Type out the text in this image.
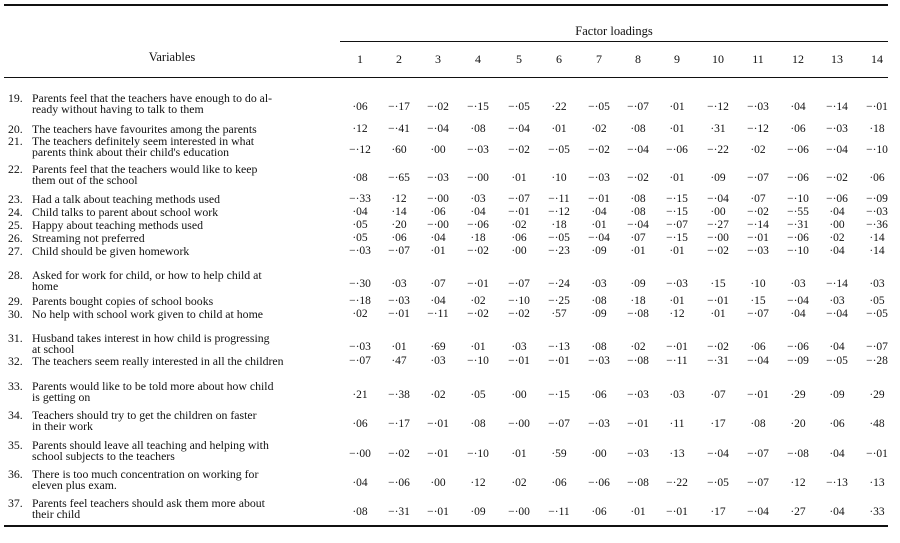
Factor loadings
Variables	1	2	3	4	5	6	7	8	9	10	11	12	13	14
19. Parents feel that the teachers have enough to do al-
ready without having to talk to them	·06	−·17	−·02	−·15	−·05	·22	−·05	−·07	·01	−·12	−·03	·04	−·14	−·01
20. The teachers have favourites among the parents	·12	−·41	−·04	·08	−·04	·01	·02	·08	·01	·31	−·12	·06	−·03	·18
21. The teachers definitely seem interested in what
parents think about their child's education	−·12	·60	·00	−·03	−·02	−·05	−·02	−·04	−·06	−·22	·02	−·06	−·04	−·10
22. Parents feel that the teachers would like to keep
them out of the school	·08	−·65	−·03	−·00	·01	·10	−·03	−·02	·01	·09	−·07	−·06	−·02	·06
23. Had a talk about teaching methods used	−·33	·12	−·00	·03	−·07	−·11	−·01	·08	−·15	−·04	·07	−·10	−·06	−·09
24. Child talks to parent about school work	·04	·14	·06	·04	−·01	−·12	·04	·08	−·15	·00	−·02	−·55	·04	−·03
25. Happy about teaching methods used	·05	·20	−·00	−·06	·02	·18	·01	−·04	−·07	−·27	−·14	−·31	·00	−·36
26. Streaming not preferred	·05	·06	·04	·18	·06	−·05	−·04	·07	−·15	−·00	−·01	−·06	·02	·14
27. Child should be given homework	−·03	−·07	·01	−·02	·00	−·23	·09	·01	·01	−·02	−·03	−·10	·04	·14
28. Asked for work for child, or how to help child at
home	−·30	·03	·07	−·01	−·07	−·24	·03	·09	−·03	·15	·10	·03	−·14	·03
29. Parents bought copies of school books	−·18	−·03	·04	·02	−·10	−·25	·08	·18	·01	−·01	·15	−·04	·03	·05
30. No help with school work given to child at home	·02	−·01	−·11	−·02	−·02	·57	·09	−·08	·12	·01	−·07	·04	−·04	−·05
31. Husband takes interest in how child is progressing
at school	−·03	·01	·69	·01	·03	−·13	·08	·02	−·01	−·02	·06	−·06	·04	−·07
32. The teachers seem really interested in all the children	−·07	·47	·03	−·10	−·01	−·01	−·03	−·08	−·11	−·31	−·04	−·09	−·05	−·28
33. Parents would like to be told more about how child
is getting on	·21	−·38	·02	·05	·00	−·15	·06	−·03	·03	·07	−·01	·29	·09	·29
34. Teachers should try to get the children on faster
in their work	·06	−·17	−·01	·08	−·00	−·07	−·03	−·01	·11	·17	·08	·20	·06	·48
35. Parents should leave all teaching and helping with
school subjects to the teachers	−·00	−·02	−·01	−·10	·01	·59	·00	−·03	·13	−·04	−·07	−·08	·04	−·01
36. There is too much concentration on working for
eleven plus exam.	·04	−·06	·00	·12	·02	·06	−·06	−·08	−·22	−·05	−·07	·12	−·13	·13
37. Parents feel teachers should ask them more about
their child	·08	−·31	−·01	·09	−·00	−·11	·06	·01	−·01	·17	−·04	·27	·04	·33
